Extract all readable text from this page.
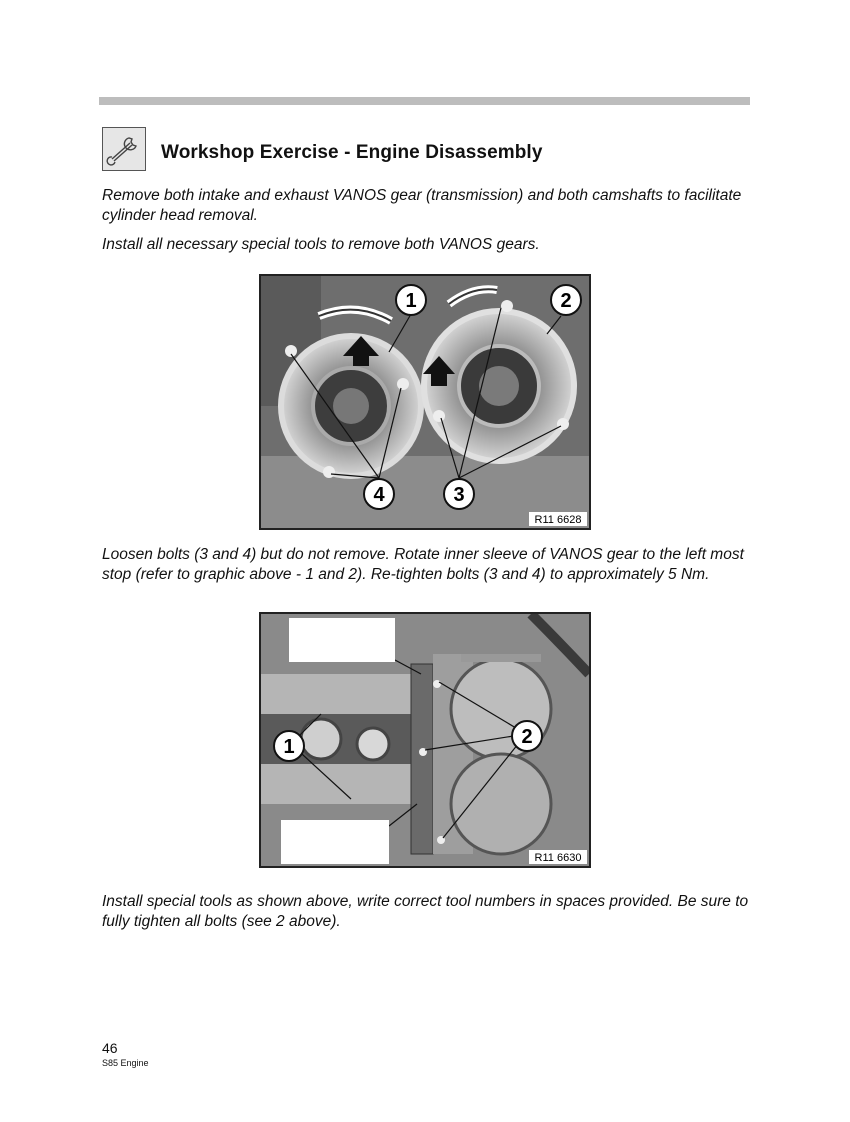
Workshop Exercise - Engine Disassembly
Remove both intake and exhaust VANOS gear (transmission) and both camshafts to facilitate cylinder head removal.
Install all necessary special tools to remove both VANOS gears.
1	2
3
4
R11 6628
Loosen bolts (3 and 4) but do not remove. Rotate inner sleeve of VANOS gear to the left most stop (refer to graphic above - 1 and 2). Re-tighten bolts (3 and 4) to approximately 5 Nm.
1	2
R11 6630
Install special tools as shown above, write correct tool numbers in spaces provided. Be sure to fully tighten all bolts (see 2 above).
46
S85 Engine
